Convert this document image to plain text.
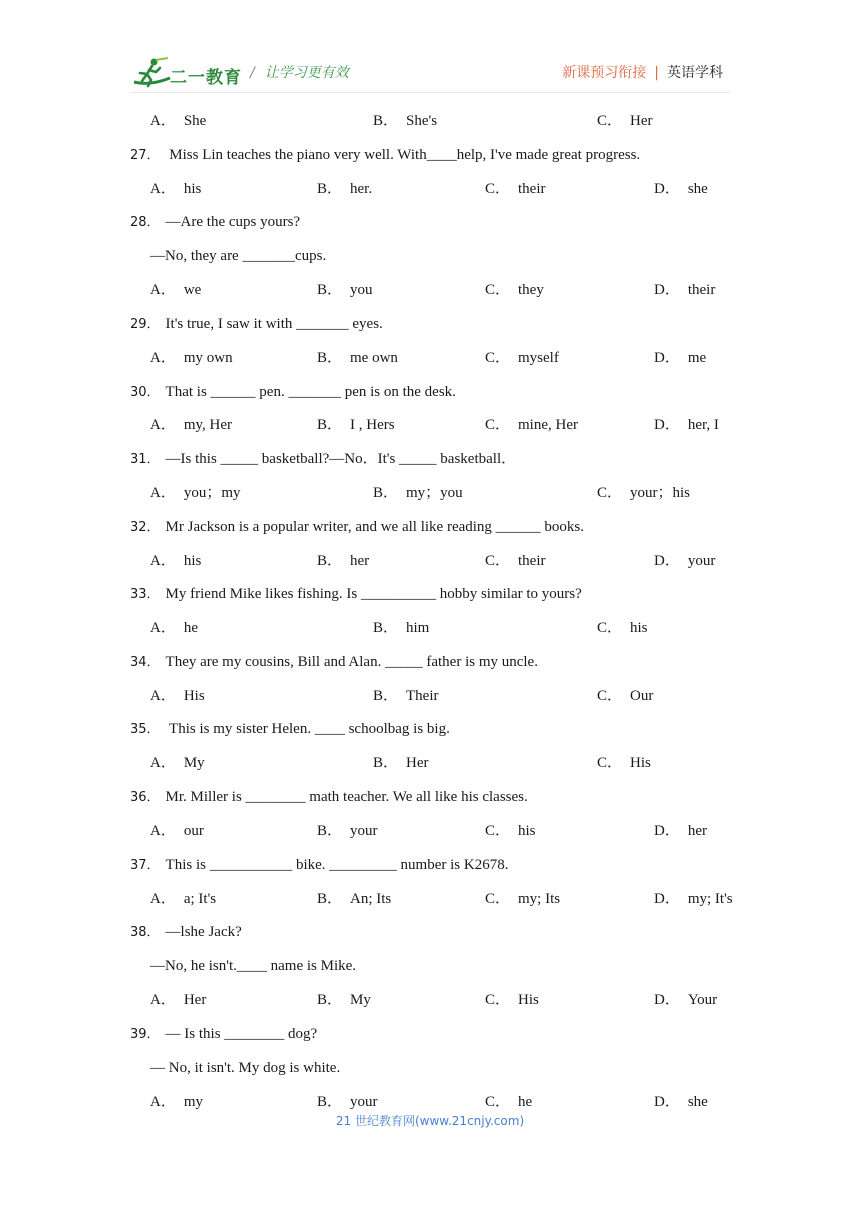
二一教育 / 让学习更有效	新课预习衔接 | 英语学科
A． She	B． She's	C． Her
27． Miss Lin teaches the piano very well. With____help, I've made great progress.
A． his	B． her.	C． their	D． she
28． —Are the cups yours?
—No, they are _______cups.
A． we	B． you	C． they	D． their
29． It's true, I saw it with _______ eyes.
A． my own	B． me own	C． myself	D． me
30． That is ______ pen. _______ pen is on the desk.
A． my, Her	B． I , Hers	C． mine, Her	D． her, I
31． —Is this _____ basketball?—No．It's _____ basketball．
A． you；my	B． my；you	C． your；his
32． Mr Jackson is a popular writer, and we all like reading ______ books.
A． his	B． her	C． their	D． your
33． My friend Mike likes fishing. Is __________ hobby similar to yours?
A． he	B． him	C． his
34． They are my cousins, Bill and Alan. _____ father is my uncle.
A． His	B． Their	C． Our
35． This is my sister Helen. ____ schoolbag is big.
A． My	B． Her	C． His
36． Mr. Miller is ________ math teacher. We all like his classes.
A． our	B． your	C． his	D． her
37． This is ___________ bike. _________ number is K2678.
A． a; It's	B． An; Its	C． my; Its	D． my; It's
38． —lshe Jack?
—No, he isn't.____ name is Mike.
A． Her	B． My	C． His	D． Your
39． — Is this ________ dog?
— No, it isn't. My dog is white.
A． my	B． your	C． he	D． she
21 世纪教育网(www.21cnjy.com)
